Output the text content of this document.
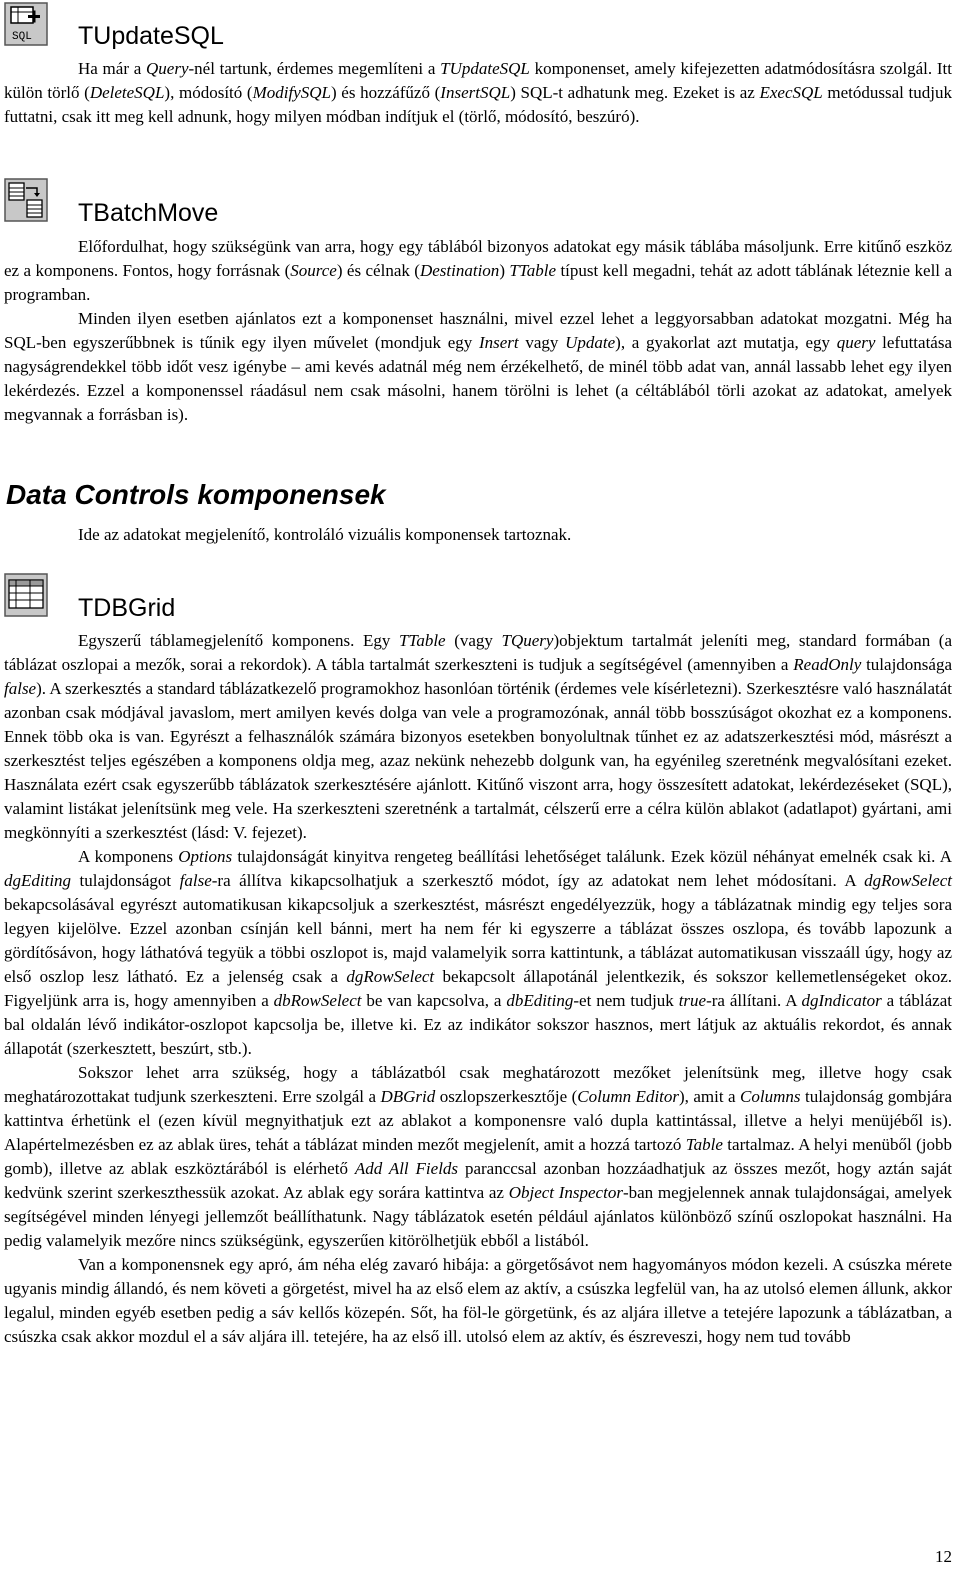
SQL TUpdateSQL

Ha már a Query-nél tartunk, érdemes megemlíteni a TUpdateSQL komponenset, amely kifejezetten adatmódosításra szolgál. Itt külön törlő (DeleteSQL), módosító (ModifySQL) és hozzáfűző (InsertSQL) SQL-t adhatunk meg. Ezeket is az ExecSQL metódussal tudjuk futtatni, csak itt meg kell adnunk, hogy milyen módban indítjuk el (törlő, módosító, beszúró).

TBatchMove

Előfordulhat, hogy szükségünk van arra, hogy egy táblából bizonyos adatokat egy másik táblába másoljunk. Erre kitűnő eszköz ez a komponens. Fontos, hogy forrásnak (Source) és célnak (Destination) TTable típust kell megadni, tehát az adott táblának léteznie kell a programban.

Minden ilyen esetben ajánlatos ezt a komponenset használni, mivel ezzel lehet a leggyorsabban adatokat mozgatni. Még ha SQL-ben egyszerűbbnek is tűnik egy ilyen művelet (mondjuk egy Insert vagy Update), a gyakorlat azt mutatja, egy query lefuttatása nagyságrendekkel több időt vesz igénybe – ami kevés adatnál még nem érzékelhető, de minél több adat van, annál lassabb lehet egy ilyen lekérdezés. Ezzel a komponenssel ráadásul nem csak másolni, hanem törölni is lehet (a céltáblából törli azokat az adatokat, amelyek megvannak a forrásban is).

Data Controls komponensek

Ide az adatokat megjelenítő, kontroláló vizuális komponensek tartoznak.

TDBGrid

Egyszerű táblamegjelenítő komponens. Egy TTable (vagy TQuery)objektum tartalmát jeleníti meg, standard formában (a táblázat oszlopai a mezők, sorai a rekordok). A tábla tartalmát szerkeszteni is tudjuk a segítségével (amennyiben a ReadOnly tulajdonsága false). A szerkesztés a standard táblázatkezelő programokhoz hasonlóan történik (érdemes vele kísérletezni). Szerkesztésre való használatát azonban csak módjával javaslom, mert amilyen kevés dolga van vele a programozónak, annál több bosszúságot okozhat ez a komponens. Ennek több oka is van. Egyrészt a felhasználók számára bizonyos esetekben bonyolultnak tűnhet ez az adatszerkesztési mód, másrészt a szerkesztést teljes egészében a komponens oldja meg, azaz nekünk nehezebb dolgunk van, ha egyénileg szeretnénk megvalósítani ezeket. Használata ezért csak egyszerűbb táblázatok szerkesztésére ajánlott. Kitűnő viszont arra, hogy összesített adatokat, lekérdezéseket (SQL), valamint listákat jelenítsünk meg vele. Ha szerkeszteni szeretnénk a tartalmát, célszerű erre a célra külön ablakot (adatlapot) gyártani, ami megkönnyíti a szerkesztést (lásd: V. fejezet).

A komponens Options tulajdonságát kinyitva rengeteg beállítási lehetőséget találunk. Ezek közül néhányat emelnék csak ki. A dgEditing tulajdonságot false-ra állítva kikapcsolhatjuk a szerkesztő módot, így az adatokat nem lehet módosítani. A dgRowSelect bekapcsolásával egyrészt automatikusan kikapcsoljuk a szerkesztést, másrészt engedélyezzük, hogy a táblázatnak mindig egy teljes sora legyen kijelölve. Ezzel azonban csínján kell bánni, mert ha nem fér ki egyszerre a táblázat összes oszlopa, és tovább lapozunk a gördítősávon, hogy láthatóvá tegyük a többi oszlopot is, majd valamelyik sorra kattintunk, a táblázat automatikusan visszaáll úgy, hogy az első oszlop lesz látható. Ez a jelenség csak a dgRowSelect bekapcsolt állapotánál jelentkezik, és sokszor kellemetlenségeket okoz. Figyeljünk arra is, hogy amennyiben a dbRowSelect be van kapcsolva, a dbEditing-et nem tudjuk true-ra állítani. A dgIndicator a táblázat bal oldalán lévő indikátor-oszlopot kapcsolja be, illetve ki. Ez az indikátor sokszor hasznos, mert látjuk az aktuális rekordot, és annak állapotát (szerkesztett, beszúrt, stb.).

Sokszor lehet arra szükség, hogy a táblázatból csak meghatározott mezőket jelenítsünk meg, illetve hogy csak meghatározottakat tudjunk szerkeszteni. Erre szolgál a DBGrid oszlopszerkesztője (Column Editor), amit a Columns tulajdonság gombjára kattintva érhetünk el (ezen kívül megnyithatjuk ezt az ablakot a komponensre való dupla kattintással, illetve a helyi menüjéből is). Alapértelmezésben ez az ablak üres, tehát a táblázat minden mezőt megjelenít, amit a hozzá tartozó Table tartalmaz. A helyi menüből (jobb gomb), illetve az ablak eszköztárából is elérhető Add All Fields paranccsal azonban hozzáadhatjuk az összes mezőt, hogy aztán saját kedvünk szerint szerkeszthessük azokat. Az ablak egy sorára kattintva az Object Inspector-ban megjelennek annak tulajdonságai, amelyek segítségével minden lényegi jellemzőt beállíthatunk. Nagy táblázatok esetén például ajánlatos különböző színű oszlopokat használni. Ha pedig valamelyik mezőre nincs szükségünk, egyszerűen kitörölhetjük ebből a listából.

Van a komponensnek egy apró, ám néha elég zavaró hibája: a görgetősávot nem hagyományos módon kezeli. A csúszka mérete ugyanis mindig állandó, és nem követi a görgetést, mivel ha az első elem az aktív, a csúszka legfelül van, ha az utolsó elemen állunk, akkor legalul, minden egyéb esetben pedig a sáv kellős közepén. Sőt, ha föl-le görgetünk, és az aljára illetve a tetejére lapozunk a táblázatban, a csúszka csak akkor mozdul el a sáv aljára ill. tetejére, ha az első ill. utolsó elem az aktív, és észreveszi, hogy nem tud tovább

12
